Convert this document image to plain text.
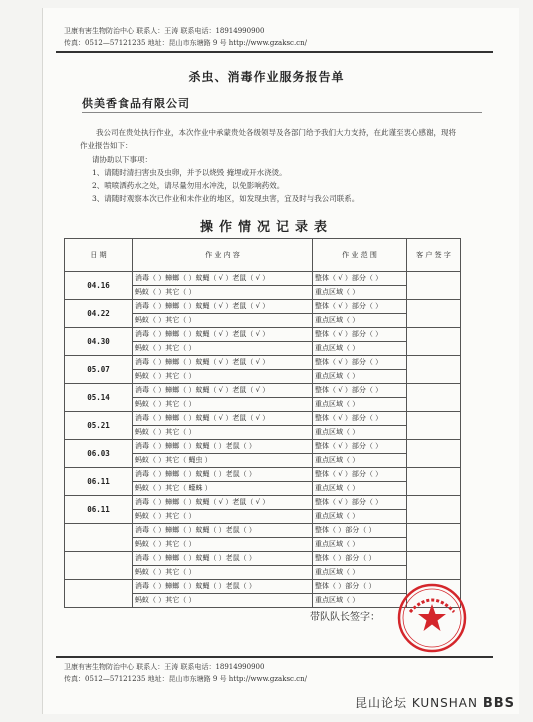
卫康有害生物防治中心 联系人：王涛 联系电话：18914990900
传真：0512—57121235 地址：昆山市东塘路 9 号 http://www.gzaksc.cn/
杀虫、消毒作业服务报告单
供美香食品有限公司
我公司在贵处执行作业，本次作业中承蒙贵处各级领导及各部门给予我们大力支持，在此谨至衷心感谢，现将作业报告如下：
请协助以下事项：
1、请随时清扫害虫及虫卵，并予以烧毁 掩埋或开水浇烫。
2、喷喷洒药水之处，请尽量勿用水冲洗，以免影响药效。
3、请随时观察本次已作业和未作业的地区，如发现虫害，宜及时与我公司联系。
操作情况记录表
日 期	作 业 内 容	作 业 范 围	客 户 签 字
04.16	消毒（ ）蟑螂（ ）蚊蝇（ √ ）老鼠（ √ ）	整体（ √ ）部分（ ）	
	蚂蚁（ ）其它（ ）	重点区域（ ）	
04.22	消毒（ ）蟑螂（ ）蚊蝇（ √ ）老鼠（ √ ）	整体（ √ ）部分（ ）	
	蚂蚁（ ）其它（ ）	重点区域（ ）	
04.30	消毒（ ）蟑螂（ ）蚊蝇（ √ ）老鼠（ √ ）	整体（ √ ）部分（ ）	
	蚂蚁（ ）其它（ ）	重点区域（ ）	
05.07	消毒（ ）蟑螂（ ）蚊蝇（ √ ）老鼠（ √ ）	整体（ √ ）部分（ ）	
	蚂蚁（ ）其它（ ）	重点区域（ ）	
05.14	消毒（ ）蟑螂（ ）蚊蝇（ √ ）老鼠（ √ ）	整体（ √ ）部分（ ）	
	蚂蚁（ ）其它（ ）	重点区域（ ）	
05.21	消毒（ ）蟑螂（ ）蚊蝇（ √ ）老鼠（ √ ）	整体（ √ ）部分（ ）	
	蚂蚁（ ）其它（ ）	重点区域（ ）	
06.03	消毒（ ）蟑螂（ ）蚊蝇（ ）老鼠（ ）	整体（ √ ）部分（ ）	
	蚂蚁（ ）其它（ 蝇虫 ）	重点区域（ ）	
06.11	消毒（ ）蟑螂（ ）蚊蝇（ ）老鼠（ ）	整体（ √ ）部分（ ）	
	蚂蚁（ ）其它（ 蠓蛛 ）	重点区域（ ）	
06.11	消毒（ ）蟑螂（ ）蚊蝇（ √ ）老鼠（ √ ）	整体（ √ ）部分（ ）	
	蚂蚁（ ）其它（ ）	重点区域（ ）	
	消毒（ ）蟑螂（ ）蚊蝇（ ）老鼠（ ）	整体（ ）部分（ ）	
	蚂蚁（ ）其它（ ）	重点区域（ ）	
	消毒（ ）蟑螂（ ）蚊蝇（ ）老鼠（ ）	整体（ ）部分（ ）	
	蚂蚁（ ）其它（ ）	重点区域（ ）	
	消毒（ ）蟑螂（ ）蚊蝇（ ）老鼠（ ）	整体（ ）部分（ ）	
	蚂蚁（ ）其它（ ）	重点区域（ ）	
带队队长签字：
卫康有害生物防治中心 联系人：王涛 联系电话：18914990900
传真：0512—57121235 地址：昆山市东塘路 9 号 http://www.gzaksc.cn/
昆山论坛 KUNSHAN BBS
